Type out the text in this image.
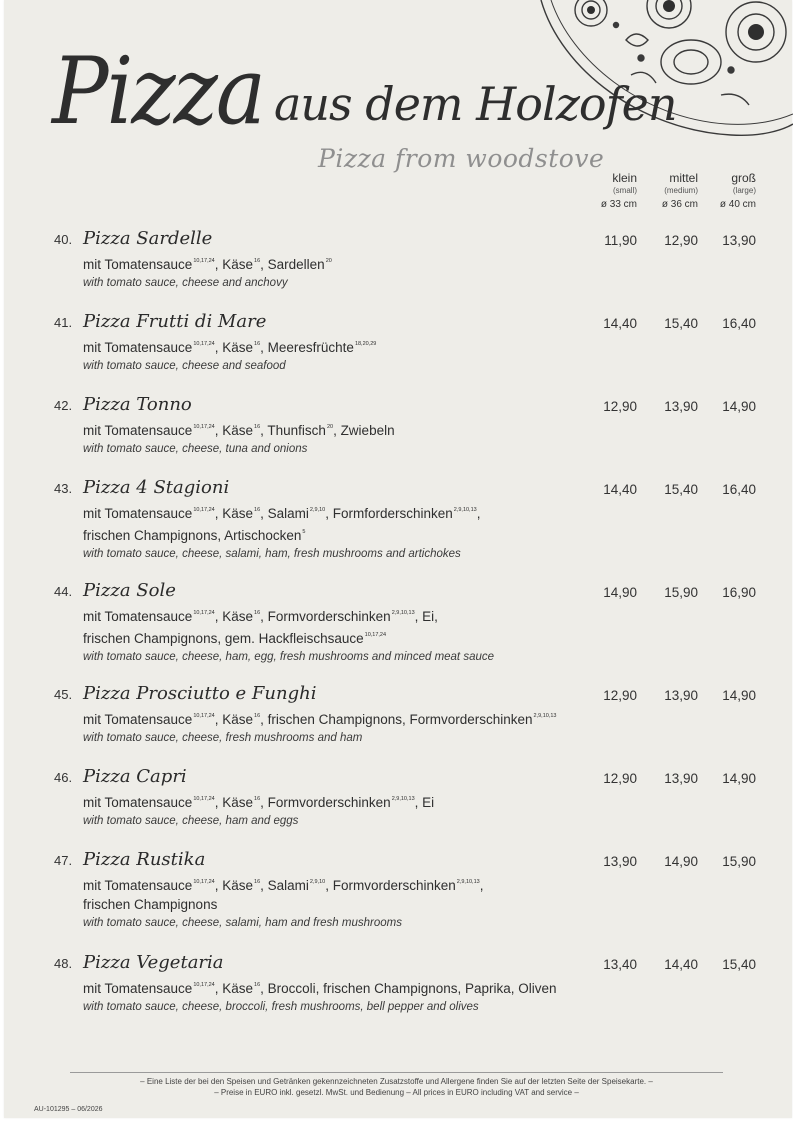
Pizza aus dem Holzofen
Pizza from woodstove
klein
(small)
ø 33 cm
mittel
(medium)
ø 36 cm
groß
(large)
ø 40 cm
40. Pizza Sardelle
mit Tomatensauce$^{10,17,24}$, Käse$^{16}$, Sardellen$^{20}$
with tomato sauce, cheese and anchovy
11,90	12,90	13,90
41. Pizza Frutti di Mare
mit Tomatensauce$^{10,17,24}$, Käse$^{16}$, Meeresfrüchte$^{18,20,29}$
with tomato sauce, cheese and seafood
14,40	15,40	16,40
42. Pizza Tonno
mit Tomatensauce$^{10,17,24}$, Käse$^{16}$, Thunfisch$^{20}$, Zwiebeln
with tomato sauce, cheese, tuna and onions
12,90	13,90	14,90
43. Pizza 4 Stagioni
mit Tomatensauce$^{10,17,24}$, Käse$^{16}$, Salami$^{2,9,10}$, Formforderschinken$^{2,9,10,13}$,
frischen Champignons, Artischocken$^5$
with tomato sauce, cheese, salami, ham, fresh mushrooms and artichokes
14,40	15,40	16,40
44. Pizza Sole
mit Tomatensauce$^{10,17,24}$, Käse$^{16}$, Formvorderschinken$^{2,9,10,13}$, Ei,
frischen Champignons, gem. Hackfleischsauce$^{10,17,24}$
with tomato sauce, cheese, ham, egg, fresh mushrooms and minced meat sauce
14,90	15,90	16,90
45. Pizza Prosciutto e Funghi
mit Tomatensauce$^{10,17,24}$, Käse$^{16}$, frischen Champignons, Formvorderschinken$^{2,9,10,13}$
with tomato sauce, cheese, fresh mushrooms and ham
12,90	13,90	14,90
46. Pizza Capri
mit Tomatensauce$^{10,17,24}$, Käse$^{16}$, Formvorderschinken$^{2,9,10,13}$, Ei
with tomato sauce, cheese, ham and eggs
12,90	13,90	14,90
47. Pizza Rustika
mit Tomatensauce$^{10,17,24}$, Käse$^{16}$, Salami$^{2,9,10}$, Formvorderschinken$^{2,9,10,13}$,
frischen Champignons
with tomato sauce, cheese, salami, ham and fresh mushrooms
13,90	14,90	15,90
48. Pizza Vegetaria
mit Tomatensauce$^{10,17,24}$, Käse$^{16}$, Broccoli, frischen Champignons, Paprika, Oliven
with tomato sauce, cheese, broccoli, fresh mushrooms, bell pepper and olives
13,40	14,40	15,40
– Eine Liste der bei den Speisen und Getränken gekennzeichneten Zusatzstoffe und Allergene finden Sie auf der letzten Seite der Speisekarte. –
– Preise in EURO inkl. gesetzl. MwSt. und Bedienung – All prices in EURO including VAT and service –
AU-101295 – 06/2026
